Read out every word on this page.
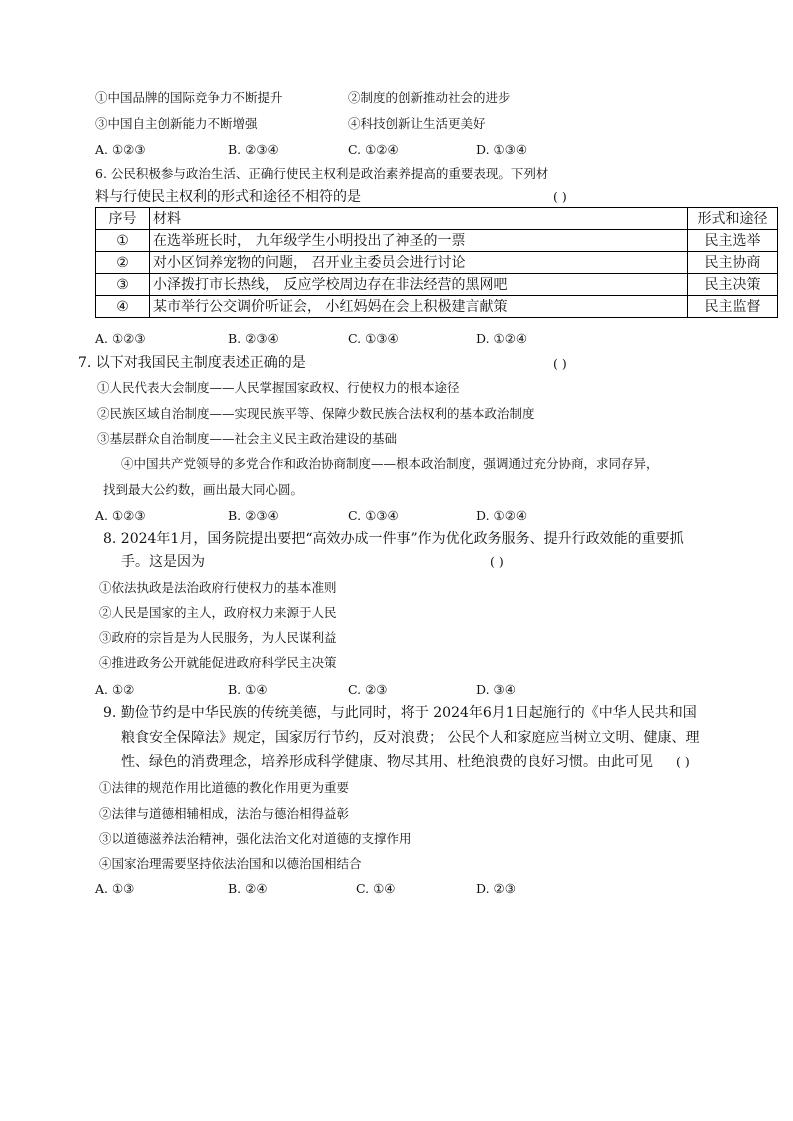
①中国品牌的国际竞争力不断提升	②制度的创新推动社会的进步
③中国自主创新能力不断增强	④科技创新让生活更美好
A. ①②③	B. ②③④	C. ①②④	D. ①③④
6. 公民积极参与政治生活、正确行使民主权利是政治素养提高的重要表现。下列材
料与行使民主权利的形式和途径不相符的是	( )
序号	材料	形式和途径
①	在选举班长时， 九年级学生小明投出了神圣的一票	民主选举
②	对小区饲养宠物的问题， 召开业主委员会进行讨论	民主协商
③	小泽拨打市长热线， 反应学校周边存在非法经营的黑网吧	民主决策
④	某市举行公交调价听证会， 小红妈妈在会上积极建言献策	民主监督
A. ①②③	B. ②③④	C. ①③④	D. ①②④
7. 以下对我国民主制度表述正确的是	( )
①人民代表大会制度——人民掌握国家政权、行使权力的根本途径
②民族区域自治制度——实现民族平等、保障少数民族合法权利的基本政治制度
③基层群众自治制度——社会主义民主政治建设的基础
④中国共产党领导的多党合作和政治协商制度——根本政治制度，强调通过充分协商，求同存异，
找到最大公约数，画出最大同心圆。
A. ①②③	B. ②③④	C. ①③④	D. ①②④
8. 2024年1月，国务院提出要把“高效办成一件事”作为优化政务服务、提升行政效能的重要抓
手。这是因为	( )
①依法执政是法治政府行使权力的基本准则
②人民是国家的主人，政府权力来源于人民
③政府的宗旨是为人民服务，为人民谋利益
④推进政务公开就能促进政府科学民主决策
A. ①②	B. ①④	C. ②③	D. ③④
9. 勤俭节约是中华民族的传统美德，与此同时，将于 2024年6月1日起施行的《中华人民共和国
粮食安全保障法》规定，国家厉行节约，反对浪费； 公民个人和家庭应当树立文明、健康、理
性、绿色的消费理念，培养形成科学健康、物尽其用、杜绝浪费的良好习惯。由此可见 ( )
①法律的规范作用比道德的教化作用更为重要
②法律与道德相辅相成，法治与德治相得益彰
③以道德滋养法治精神，强化法治文化对道德的支撑作用
④国家治理需要坚持依法治国和以德治国相结合
A. ①③	B. ②④	C. ①④	D. ②③
